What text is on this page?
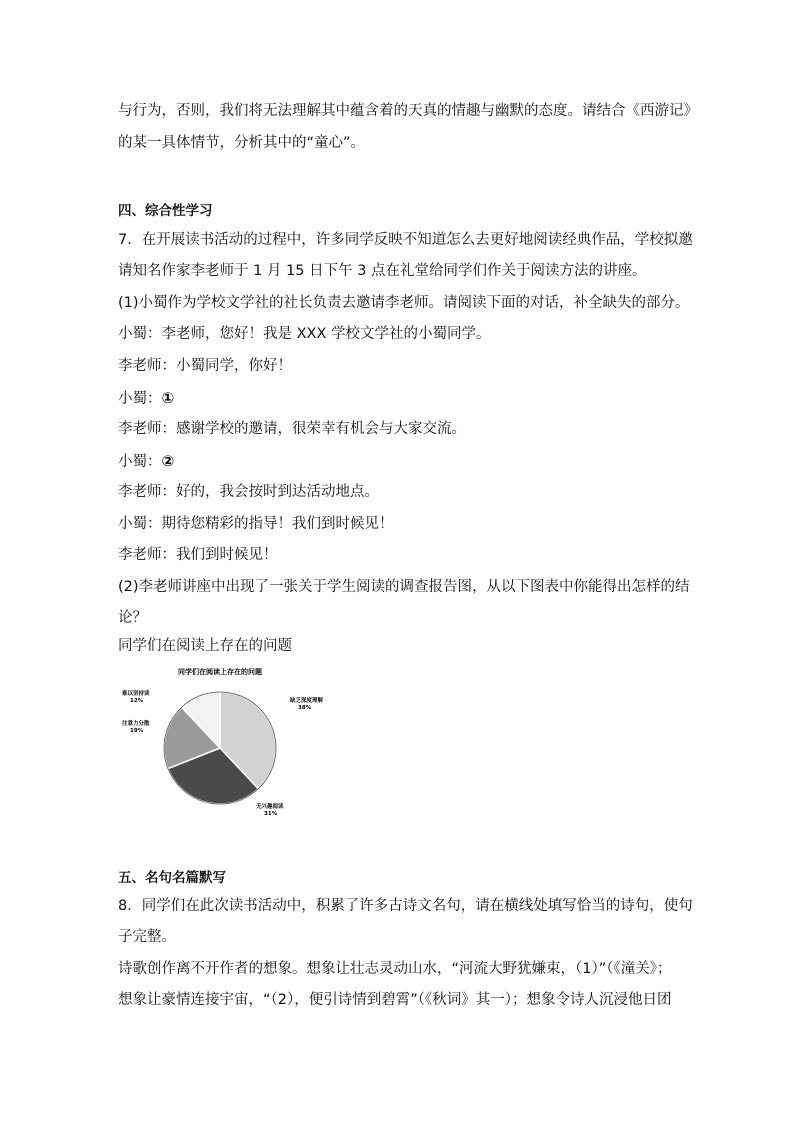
与行为，否则，我们将无法理解其中蕴含着的天真的情趣与幽默的态度。请结合《西游记》
的某一具体情节，分析其中的“童心”。
四、综合性学习
7．在开展读书活动的过程中，许多同学反映不知道怎么去更好地阅读经典作品，学校拟邀
请知名作家李老师于 1 月 15 日下午 3 点在礼堂给同学们作关于阅读方法的讲座。
(1)小蜀作为学校文学社的社长负责去邀请李老师。请阅读下面的对话，补全缺失的部分。
小蜀：李老师，您好！我是 XXX 学校文学社的小蜀同学。
李老师：小蜀同学，你好！
小蜀：①
李老师：感谢学校的邀请，很荣幸有机会与大家交流。
小蜀：②
李老师：好的，我会按时到达活动地点。
小蜀：期待您精彩的指导！我们到时候见！
李老师：我们到时候见！
(2)李老师讲座中出现了一张关于学生阅读的调查报告图，从以下图表中你能得出怎样的结
论？
同学们在阅读上存在的问题
同学们在阅读上存在的问题
缺乏深度理解
38%
无兴趣阅读
31%
注意力分散
19%
难以坚持读
12%
五、名句名篇默写
8．同学们在此次读书活动中，积累了许多古诗文名句，请在横线处填写恰当的诗句，使句
子完整。
诗歌创作离不开作者的想象。想象让壮志灵动山水，“河流大野犹嫌束，（1）”（《潼关》；
想象让豪情连接宇宙，“（2），便引诗情到碧霄”（《秋词》其一）；想象令诗人沉浸他日团
